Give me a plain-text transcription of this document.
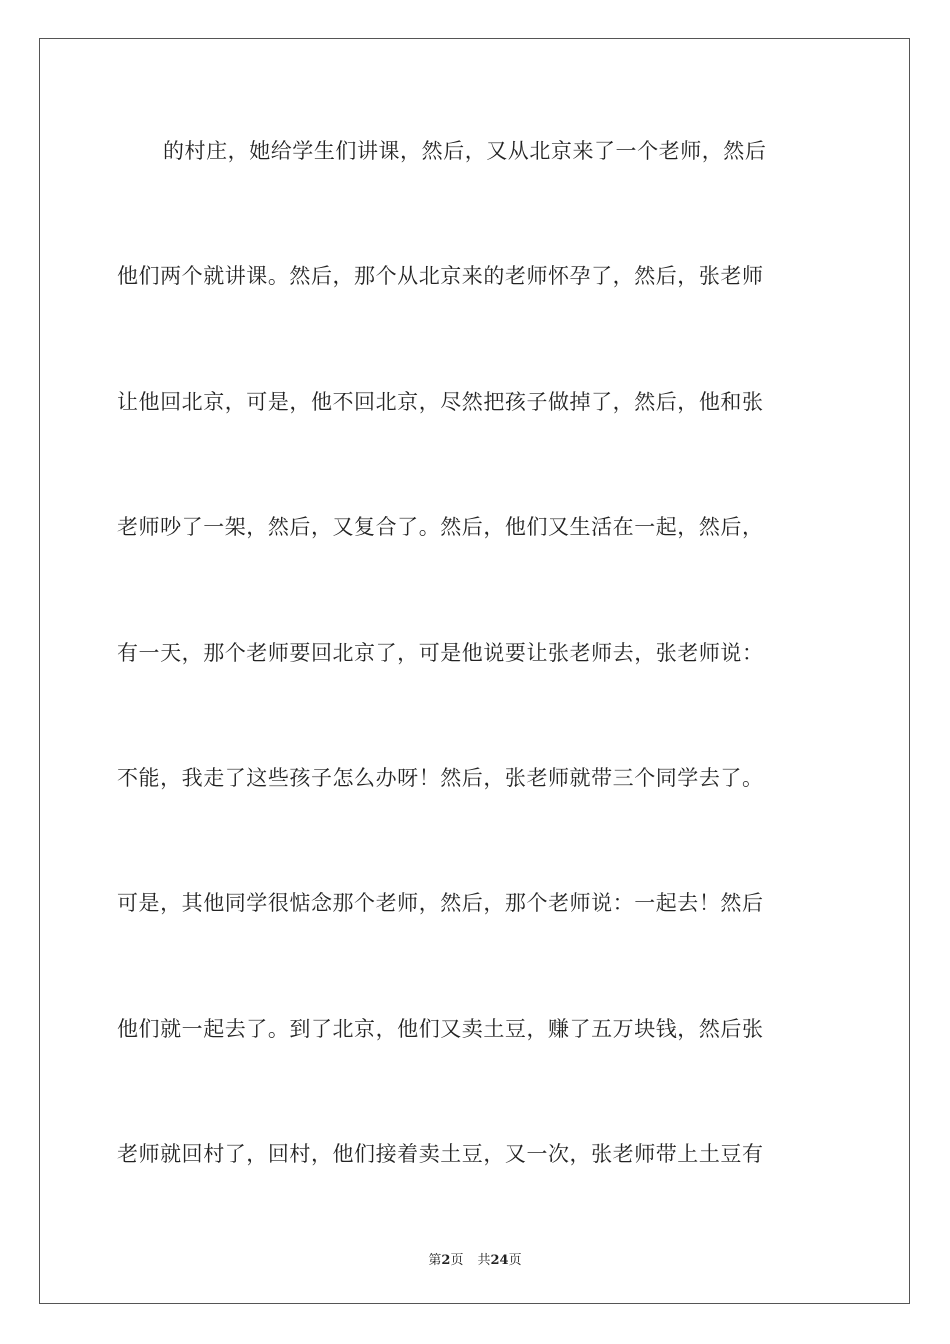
的村庄，她给学生们讲课，然后，又从北京来了一个老师，然后
他们两个就讲课。然后，那个从北京来的老师怀孕了，然后，张老师
让他回北京，可是，他不回北京，尽然把孩子做掉了，然后，他和张
老师吵了一架，然后，又复合了。然后，他们又生活在一起，然后，
有一天，那个老师要回北京了，可是他说要让张老师去，张老师说：
不能，我走了这些孩子怎么办呀！然后，张老师就带三个同学去了。
可是，其他同学很惦念那个老师，然后，那个老师说：一起去！然后
他们就一起去了。到了北京，他们又卖土豆，赚了五万块钱，然后张
老师就回村了，回村，他们接着卖土豆，又一次，张老师带上土豆有
第2页 共24页
